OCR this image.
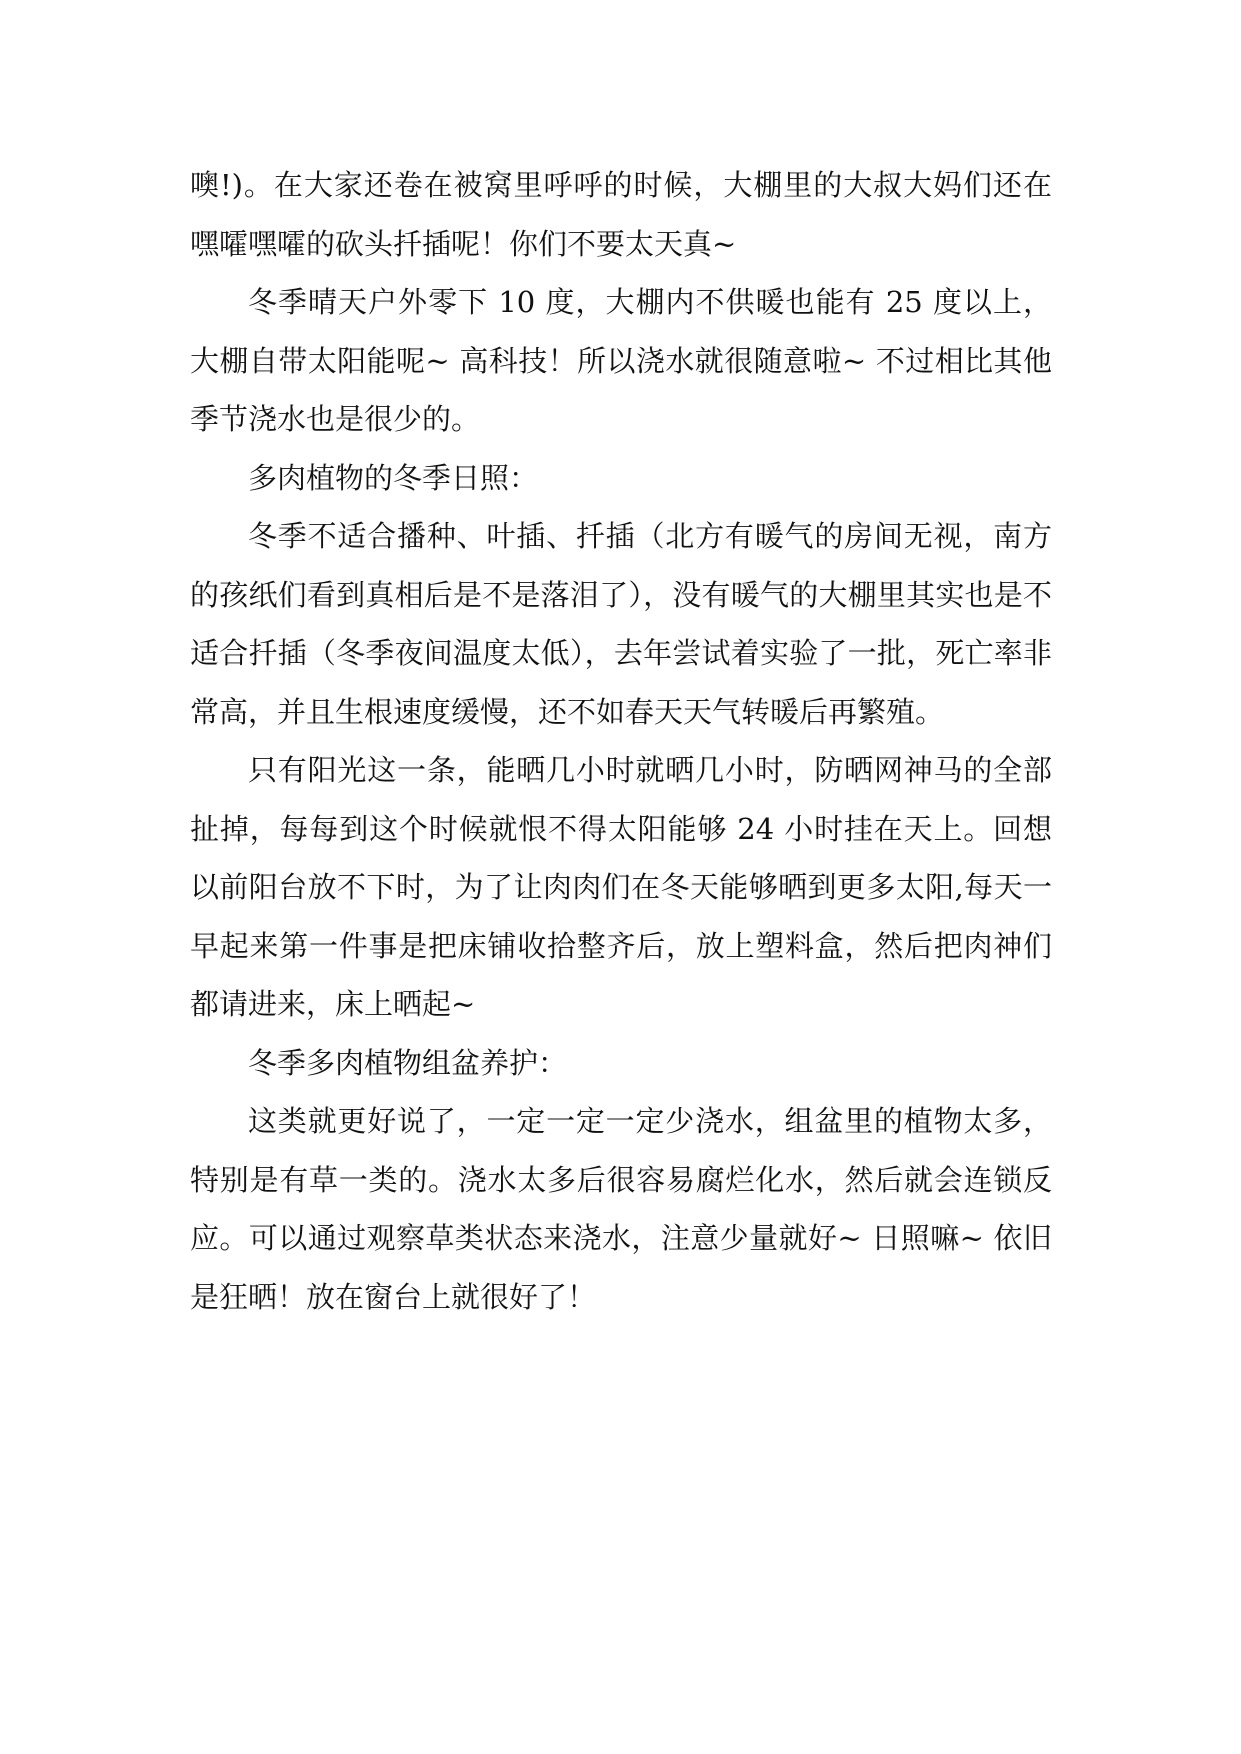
噢!)。在大家还卷在被窝里呼呼的时候，大棚里的大叔大妈们还在嘿嚯嘿嚯的砍头扦插呢！你们不要太天真~

冬季晴天户外零下 10 度，大棚内不供暖也能有 25 度以上，大棚自带太阳能呢~ 高科技！所以浇水就很随意啦~ 不过相比其他季节浇水也是很少的。

多肉植物的冬季日照：

冬季不适合播种、叶插、扦插（北方有暖气的房间无视，南方的孩纸们看到真相后是不是落泪了），没有暖气的大棚里其实也是不适合扦插（冬季夜间温度太低），去年尝试着实验了一批，死亡率非常高，并且生根速度缓慢，还不如春天天气转暖后再繁殖。

只有阳光这一条，能晒几小时就晒几小时，防晒网神马的全部扯掉，每每到这个时候就恨不得太阳能够 24 小时挂在天上。回想以前阳台放不下时，为了让肉肉们在冬天能够晒到更多太阳,每天一早起来第一件事是把床铺收拾整齐后，放上塑料盒，然后把肉神们都请进来，床上晒起~

冬季多肉植物组盆养护：

这类就更好说了，一定一定一定少浇水，组盆里的植物太多，特别是有草一类的。浇水太多后很容易腐烂化水，然后就会连锁反应。可以通过观察草类状态来浇水，注意少量就好~ 日照嘛~ 依旧是狂晒！放在窗台上就很好了！
